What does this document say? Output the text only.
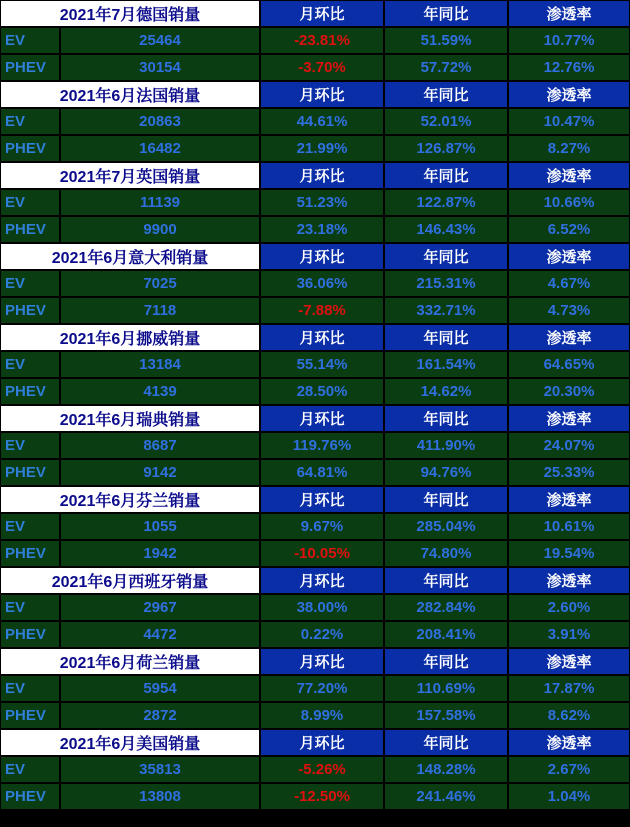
2021年7月德国销量	月环比	年同比	渗透率
EV	25464	-23.81%	51.59%	10.77%
PHEV	30154	-3.70%	57.72%	12.76%
2021年6月法国销量	月环比	年同比	渗透率
EV	20863	44.61%	52.01%	10.47%
PHEV	16482	21.99%	126.87%	8.27%
2021年7月英国销量	月环比	年同比	渗透率
EV	11139	51.23%	122.87%	10.66%
PHEV	9900	23.18%	146.43%	6.52%
2021年6月意大利销量	月环比	年同比	渗透率
EV	7025	36.06%	215.31%	4.67%
PHEV	7118	-7.88%	332.71%	4.73%
2021年6月挪威销量	月环比	年同比	渗透率
EV	13184	55.14%	161.54%	64.65%
PHEV	4139	28.50%	14.62%	20.30%
2021年6月瑞典销量	月环比	年同比	渗透率
EV	8687	119.76%	411.90%	24.07%
PHEV	9142	64.81%	94.76%	25.33%
2021年6月芬兰销量	月环比	年同比	渗透率
EV	1055	9.67%	285.04%	10.61%
PHEV	1942	-10.05%	74.80%	19.54%
2021年6月西班牙销量	月环比	年同比	渗透率
EV	2967	38.00%	282.84%	2.60%
PHEV	4472	0.22%	208.41%	3.91%
2021年6月荷兰销量	月环比	年同比	渗透率
EV	5954	77.20%	110.69%	17.87%
PHEV	2872	8.99%	157.58%	8.62%
2021年6月美国销量	月环比	年同比	渗透率
EV	35813	-5.26%	148.28%	2.67%
PHEV	13808	-12.50%	241.46%	1.04%
